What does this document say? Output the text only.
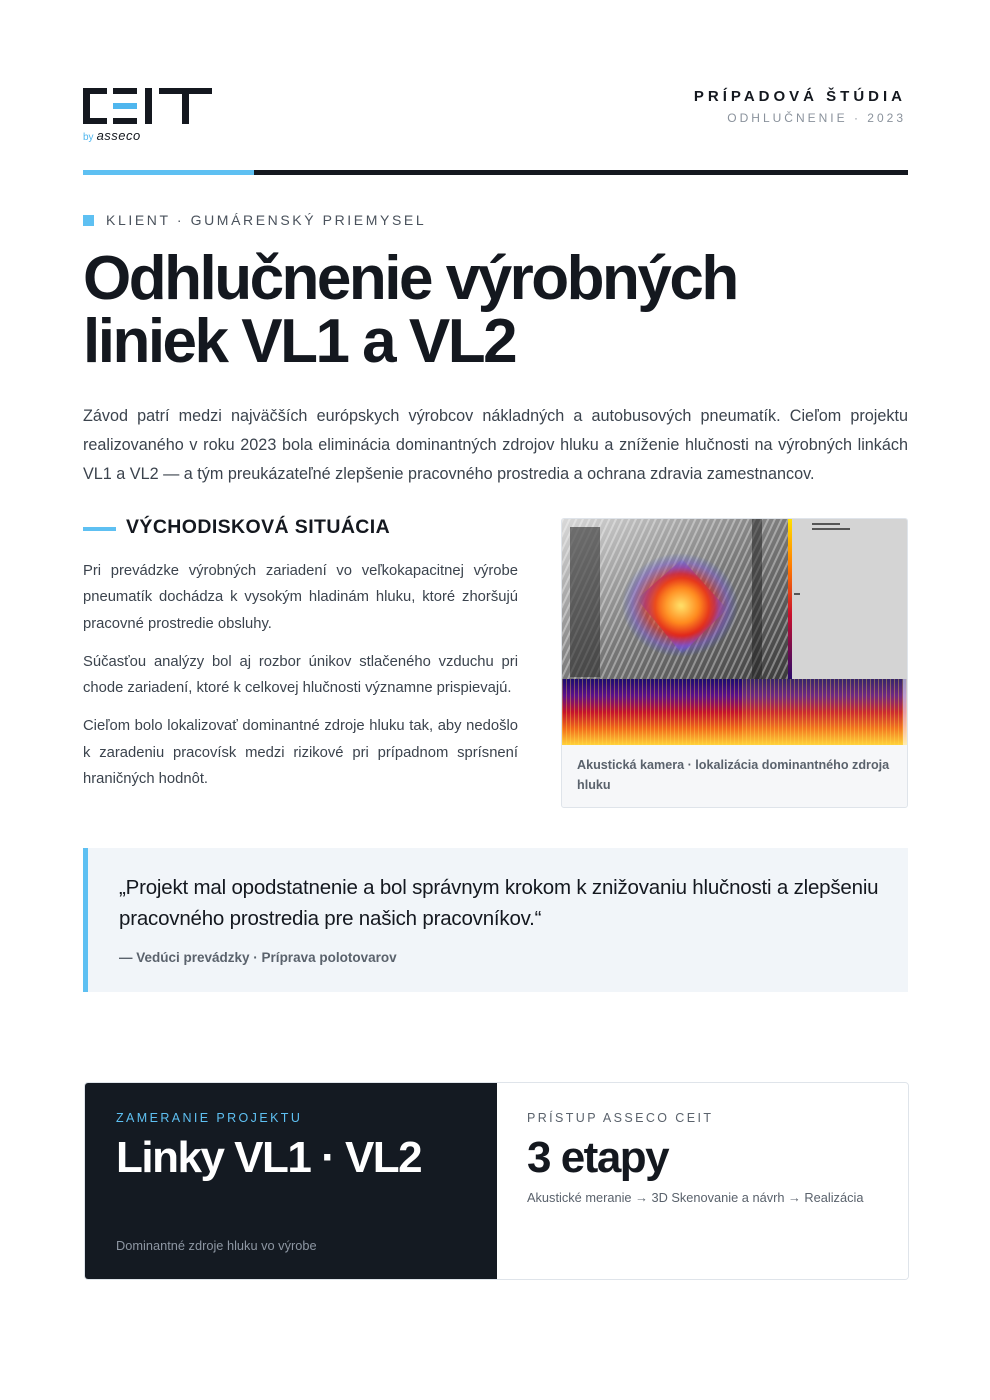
by asseco
PRÍPADOVÁ ŠTÚDIA
ODHLUČNENIE · 2023
KLIENT · GUMÁRENSKÝ PRIEMYSEL
Odhlučnenie výrobných
liniek VL1 a VL2

Závod patrí medzi najväčších európskych výrobcov nákladných a autobusových pneumatík. Cieľom projektu realizovaného v roku 2023 bola eliminácia dominantných zdrojov hluku a zníženie hlučnosti na výrobných linkách VL1 a VL2 — a tým preukázateľné zlepšenie pracovného prostredia a ochrana zdravia zamestnancov.

VÝCHODISKOVÁ SITUÁCIA

Pri prevádzke výrobných zariadení vo veľkokapacitnej výrobe pneumatík dochádza k vysokým hladinám hluku, ktoré zhoršujú pracovné prostredie obsluhy.

Súčasťou analýzy bol aj rozbor únikov stlačeného vzduchu pri chode zariadení, ktoré k celkovej hlučnosti významne prispievajú.

Cieľom bolo lokalizovať dominantné zdroje hluku tak, aby nedošlo k zaradeniu pracovísk medzi rizikové pri prípadnom sprísnení hraničných hodnôt.

Akustická kamera · lokalizácia dominantného zdroja hluku
„Projekt mal opodstatnenie a bol správnym krokom k znižovaniu hlučnosti a zlepšeniu pracovného prostredia pre našich pracovníkov.“
— Vedúci prevádzky · Príprava polotovarov
ZAMERANIE PROJEKTU
Linky VL1 · VL2
Dominantné zdroje hluku vo výrobe
PRÍSTUP ASSECO CEIT
3 etapy
Akustické meranie → 3D Skenovanie a návrh → Realizácia
